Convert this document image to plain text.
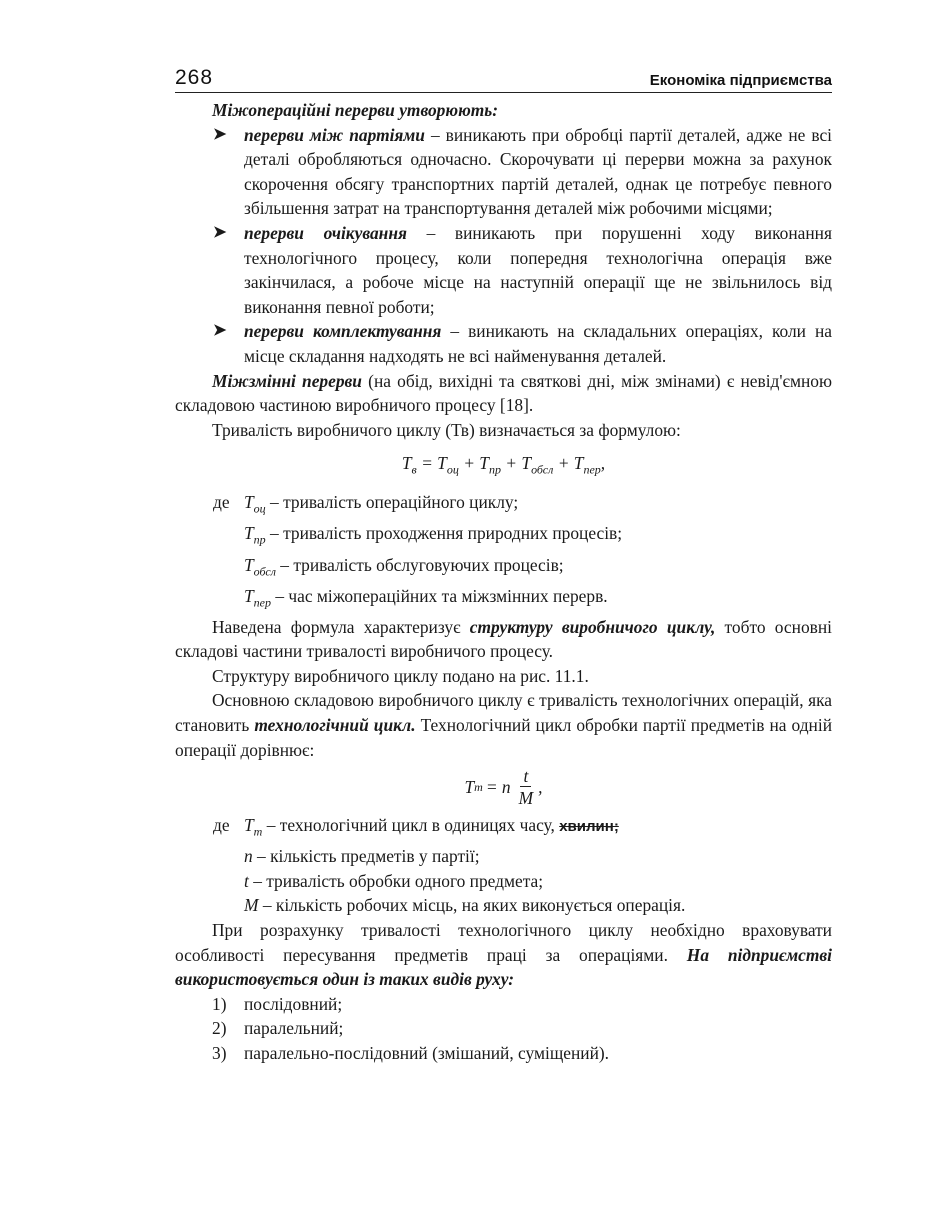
268	Економіка підприємства

Міжопераційні перерви утворюють:

➤ перерви між партіями – виникають при обробці партії деталей, адже не всі деталі обробляються одночасно. Скорочувати ці перерви можна за рахунок скорочення обсягу транспортних партій деталей, однак це потребує певного збільшення затрат на транспортування деталей між робочими місцями;
➤ перерви очікування – виникають при порушенні ходу виконання технологічного процесу, коли попередня технологічна операція вже закінчилася, а робоче місце на наступній операції ще не звільнилось від виконання певної роботи;
➤ перерви комплектування – виникають на складальних операціях, коли на місце складання надходять не всі найменування деталей.

Міжзмінні перерви (на обід, вихідні та святкові дні, між змінами) є невід'ємною складовою частиною виробничого процесу [18].

Тривалість виробничого циклу (Тв) визначається за формулою:

$T_в = T_{оц} + T_{пр} + T_{обсл} + T_{пер}$,
де $T_{оц}$ – тривалість операційного циклу;
$T_{пр}$ – тривалість проходження природних процесів;
$T_{обсл}$ – тривалість обслуговуючих процесів;
$T_{пер}$ – час міжопераційних та міжзмінних перерв.

Наведена формула характеризує структуру виробничого циклу, тобто основні складові частини тривалості виробничого процесу.

Структуру виробничого циклу подано на рис. 11.1.

Основною складовою виробничого циклу є тривалість технологічних операцій, яка становить технологічний цикл. Технологічний цикл обробки партії предметів на одній операції дорівнює:

T т = n $\frac{t}{M}$ ,
де $T_т$ – технологічний цикл в одиницях часу, хвилин;
n – кількість предметів у партії;
t – тривалість обробки одного предмета;
M – кількість робочих місць, на яких виконується операція.

При розрахунку тривалості технологічного циклу необхідно враховувати особливості пересування предметів праці за операціями. На підприємстві використовується один із таких видів руху:

1) послідовний;
2) паралельний;
3) паралельно-послідовний (змішаний, суміщений).
